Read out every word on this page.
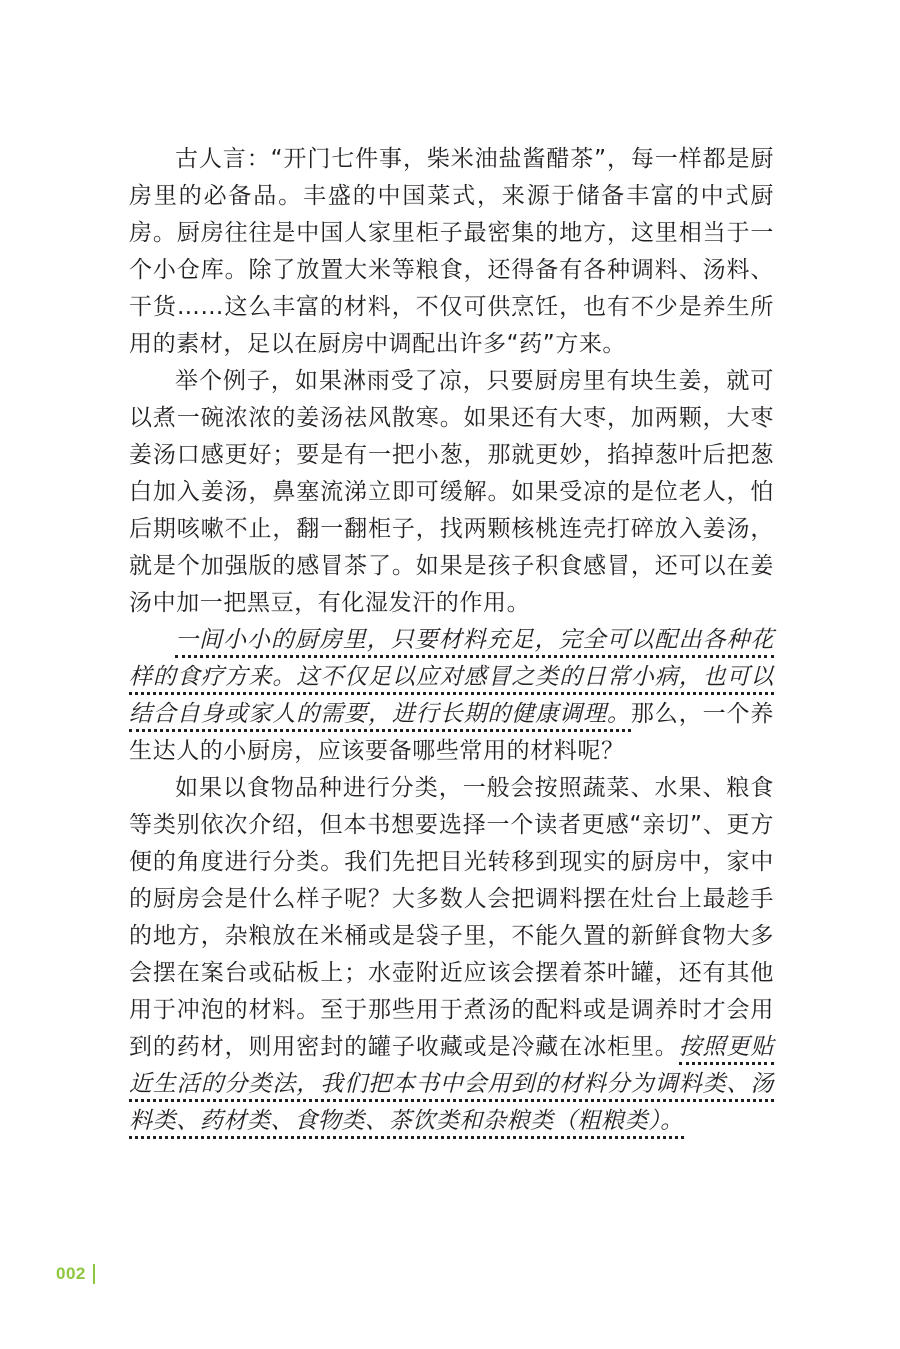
古人言：“开门七件事，柴米油盐酱醋茶”，每一样都是厨房里的必备品。丰盛的中国菜式，来源于储备丰富的中式厨房。厨房往往是中国人家里柜子最密集的地方，这里相当于一个小仓库。除了放置大米等粮食，还得备有各种调料、汤料、干货……这么丰富的材料，不仅可供烹饪，也有不少是养生所用的素材，足以在厨房中调配出许多“药”方来。

举个例子，如果淋雨受了凉，只要厨房里有块生姜，就可以煮一碗浓浓的姜汤祛风散寒。如果还有大枣，加两颗，大枣姜汤口感更好；要是有一把小葱，那就更妙，掐掉葱叶后把葱白加入姜汤，鼻塞流涕立即可缓解。如果受凉的是位老人，怕后期咳嗽不止，翻一翻柜子，找两颗核桃连壳打碎放入姜汤，就是个加强版的感冒茶了。如果是孩子积食感冒，还可以在姜汤中加一把黑豆，有化湿发汗的作用。

一间小小的厨房里，只要材料充足，完全可以配出各种花样的食疗方来。这不仅足以应对感冒之类的日常小病，也可以结合自身或家人的需要，进行长期的健康调理。那么，一个养生达人的小厨房，应该要备哪些常用的材料呢？

如果以食物品种进行分类，一般会按照蔬菜、水果、粮食等类别依次介绍，但本书想要选择一个读者更感“亲切”、更方便的角度进行分类。我们先把目光转移到现实的厨房中，家中的厨房会是什么样子呢？大多数人会把调料摆在灶台上最趁手的地方，杂粮放在米桶或是袋子里，不能久置的新鲜食物大多会摆在案台或砧板上；水壶附近应该会摆着茶叶罐，还有其他用于冲泡的材料。至于那些用于煮汤的配料或是调养时才会用到的药材，则用密封的罐子收藏或是冷藏在冰柜里。按照更贴近生活的分类法，我们把本书中会用到的材料分为调料类、汤料类、药材类、食物类、茶饮类和杂粮类（粗粮类）。

002
